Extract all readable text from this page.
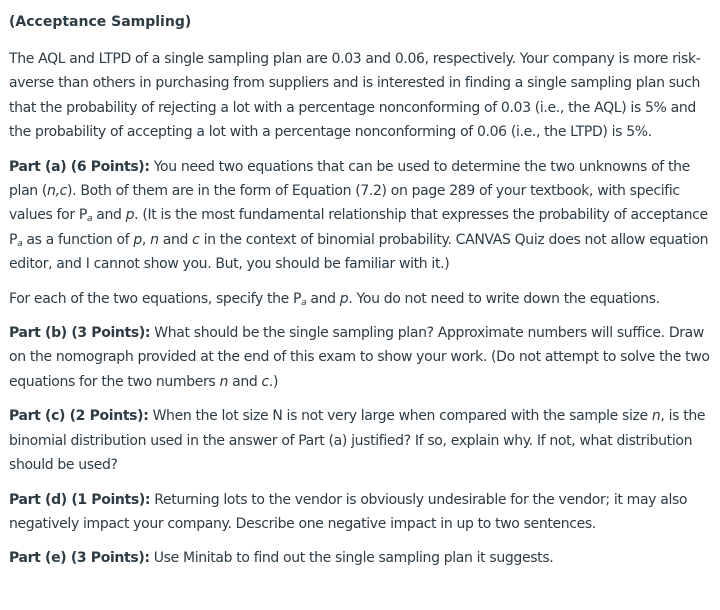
(Acceptance Sampling)

The AQL and LTPD of a single sampling plan are 0.03 and 0.06, respectively. Your company is more risk-averse than others in purchasing from suppliers and is interested in finding a single sampling plan such that the probability of rejecting a lot with a percentage nonconforming of 0.03 (i.e., the AQL) is 5% and the probability of accepting a lot with a percentage nonconforming of 0.06 (i.e., the LTPD) is 5%.

Part (a) (6 Points): You need two equations that can be used to determine the two unknowns of the plan (n,c). Both of them are in the form of Equation (7.2) on page 289 of your textbook, with specific values for $P_a$ and p. (It is the most fundamental relationship that expresses the probability of acceptance $P_a$ as a function of p, n and c in the context of binomial probability. CANVAS Quiz does not allow equation editor, and I cannot show you. But, you should be familiar with it.)

For each of the two equations, specify the $P_a$ and p. You do not need to write down the equations.

Part (b) (3 Points): What should be the single sampling plan? Approximate numbers will suffice. Draw on the nomograph provided at the end of this exam to show your work. (Do not attempt to solve the two equations for the two numbers n and c.)

Part (c) (2 Points): When the lot size N is not very large when compared with the sample size n, is the binomial distribution used in the answer of Part (a) justified? If so, explain why. If not, what distribution should be used?

Part (d) (1 Points): Returning lots to the vendor is obviously undesirable for the vendor; it may also negatively impact your company. Describe one negative impact in up to two sentences.

Part (e) (3 Points): Use Minitab to find out the single sampling plan it suggests.
